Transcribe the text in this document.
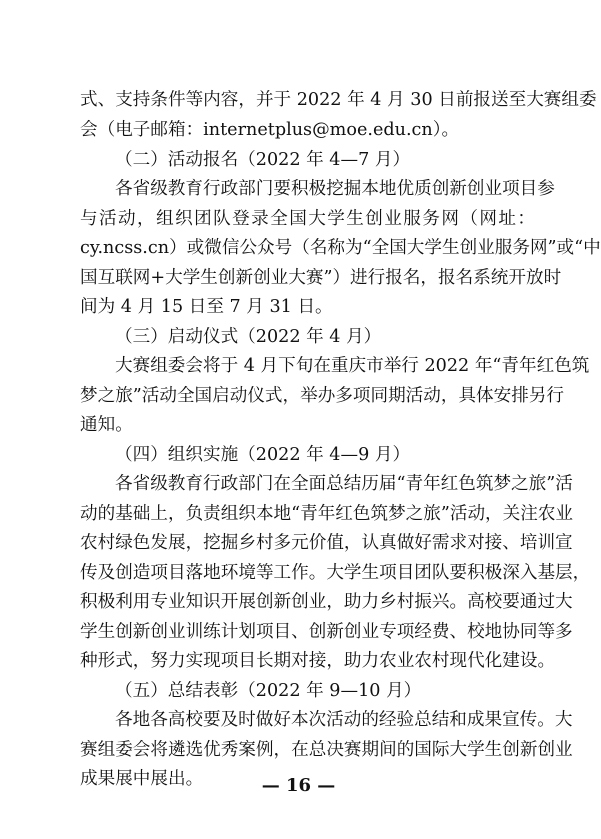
式、支持条件等内容，并于 2022 年 4 月 30 日前报送至大赛组委
会（电子邮箱：internetplus@moe.edu.cn）。
（二）活动报名（2022 年 4—7 月）
各省级教育行政部门要积极挖掘本地优质创新创业项目参
与活动，组织团队登录全国大学生创业服务网（网址：
cy.ncss.cn）或微信公众号（名称为“全国大学生创业服务网”或“中
国互联网+大学生创新创业大赛”）进行报名，报名系统开放时
间为 4 月 15 日至 7 月 31 日。
（三）启动仪式（2022 年 4 月）
大赛组委会将于 4 月下旬在重庆市举行 2022 年“青年红色筑
梦之旅”活动全国启动仪式，举办多项同期活动，具体安排另行
通知。
（四）组织实施（2022 年 4—9 月）
各省级教育行政部门在全面总结历届“青年红色筑梦之旅”活
动的基础上，负责组织本地“青年红色筑梦之旅”活动，关注农业
农村绿色发展，挖掘乡村多元价值，认真做好需求对接、培训宣
传及创造项目落地环境等工作。大学生项目团队要积极深入基层，
积极利用专业知识开展创新创业，助力乡村振兴。高校要通过大
学生创新创业训练计划项目、创新创业专项经费、校地协同等多
种形式，努力实现项目长期对接，助力农业农村现代化建设。
（五）总结表彰（2022 年 9—10 月）
各地各高校要及时做好本次活动的经验总结和成果宣传。大
赛组委会将遴选优秀案例，在总决赛期间的国际大学生创新创业
成果展中展出。	— 16 —
